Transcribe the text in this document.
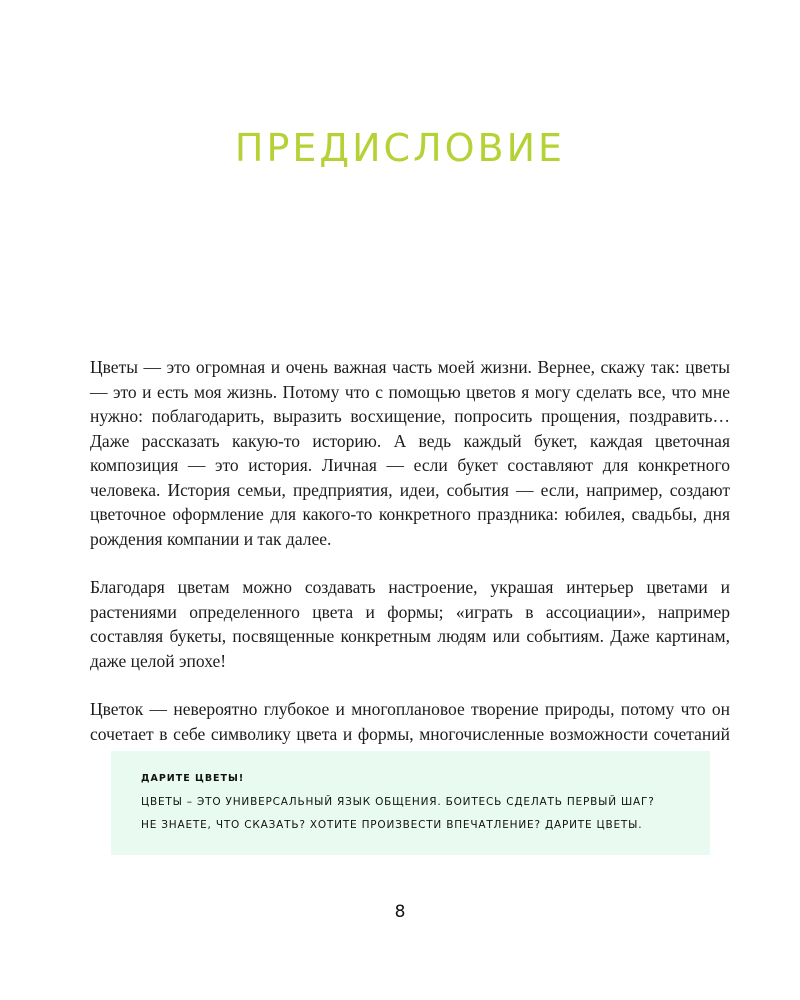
ПРЕДИСЛОВИЕ

Цветы — это огромная и очень важная часть моей жизни. Вернее, скажу так: цветы — это и есть моя жизнь. Потому что с помощью цветов я могу сделать все, что мне нужно: поблагодарить, выразить восхищение, попросить прощения, поздравить… Даже рассказать какую-то историю. А ведь каждый букет, каждая цветочная композиция — это история. Личная — если букет составляют для конкретного человека. История семьи, предприятия, идеи, события — если, например, создают цветочное оформление для какого-то конкретного праздника: юбилея, свадьбы, дня рождения компании и так далее.

Благодаря цветам можно создавать настроение, украшая интерьер цветами и растениями определенного цвета и формы; «играть в ассоциации», например составляя букеты, посвященные конкретным людям или событиям. Даже картинам, даже целой эпохе!

Цветок — невероятно глубокое и многоплановое творение природы, потому что он сочетает в себе символику цвета и формы, многочисленные возможности сочетаний

ДАРИТЕ ЦВЕТЫ!
ЦВЕТЫ – ЭТО УНИВЕРСАЛЬНЫЙ ЯЗЫК ОБЩЕНИЯ. БОИТЕСЬ СДЕЛАТЬ ПЕРВЫЙ ШАГ?
НЕ ЗНАЕТЕ, ЧТО СКАЗАТЬ? ХОТИТЕ ПРОИЗВЕСТИ ВПЕЧАТЛЕНИЕ? ДАРИТЕ ЦВЕТЫ.
8
